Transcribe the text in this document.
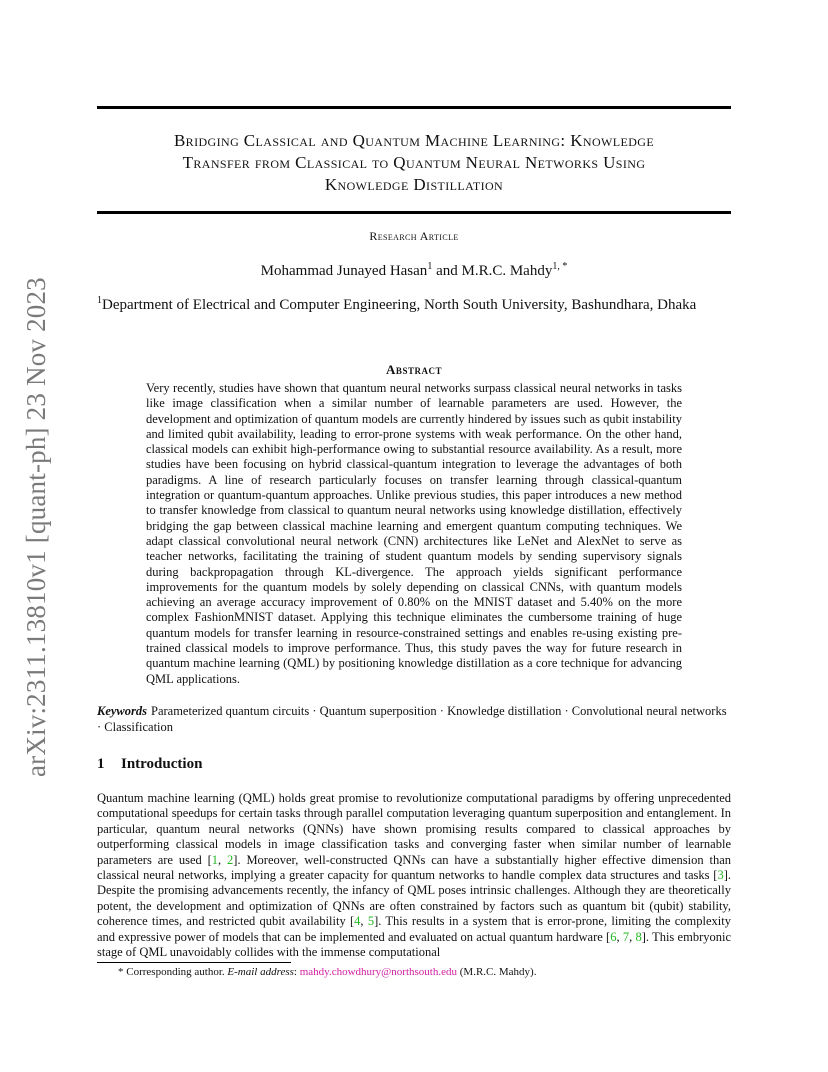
arXiv:2311.13810v1 [quant-ph] 23 Nov 2023
Bridging Classical and Quantum Machine Learning: Knowledge
Transfer from Classical to Quantum Neural Networks Using
Knowledge Distillation
Research Article
Mohammad Junayed Hasan$^1$ and M.R.C. Mahdy$^{1, *}$
$^1$Department of Electrical and Computer Engineering, North South University, Bashundhara, Dhaka
Abstract
Very recently, studies have shown that quantum neural networks surpass classical neural networks in tasks like image classification when a similar number of learnable parameters are used. However, the development and optimization of quantum models are currently hindered by issues such as qubit instability and limited qubit availability, leading to error-prone systems with weak performance. On the other hand, classical models can exhibit high-performance owing to substantial resource availability. As a result, more studies have been focusing on hybrid classical-quantum integration to leverage the advantages of both paradigms. A line of research particularly focuses on transfer learning through classical-quantum integration or quantum-quantum approaches. Unlike previous studies, this paper introduces a new method to transfer knowledge from classical to quantum neural networks using knowledge distillation, effectively bridging the gap between classical machine learning and emergent quantum computing techniques. We adapt classical convolutional neural network (CNN) architectures like LeNet and AlexNet to serve as teacher networks, facilitating the training of student quantum models by sending supervisory signals during backpropagation through KL-divergence. The approach yields significant performance improvements for the quantum models by solely depending on classical CNNs, with quantum models achieving an average accuracy improvement of 0.80% on the MNIST dataset and 5.40% on the more complex FashionMNIST dataset. Applying this technique eliminates the cumbersome training of huge quantum models for transfer learning in resource-constrained settings and enables re-using existing pre-trained classical models to improve performance. Thus, this study paves the way for future research in quantum machine learning (QML) by positioning knowledge distillation as a core technique for advancing QML applications.
Keywords Parameterized quantum circuits · Quantum superposition · Knowledge distillation · Convolutional neural networks · Classification
1 Introduction
Quantum machine learning (QML) holds great promise to revolutionize computational paradigms by offering unprecedented computational speedups for certain tasks through parallel computation leveraging quantum superposition and entanglement. In particular, quantum neural networks (QNNs) have shown promising results compared to classical approaches by outperforming classical models in image classification tasks and converging faster when similar number of learnable parameters are used [1, 2]. Moreover, well-constructed QNNs can have a substantially higher effective dimension than classical neural networks, implying a greater capacity for quantum networks to handle complex data structures and tasks [3]. Despite the promising advancements recently, the infancy of QML poses intrinsic challenges. Although they are theoretically potent, the development and optimization of QNNs are often constrained by factors such as quantum bit (qubit) stability, coherence times, and restricted qubit availability [4, 5]. This results in a system that is error-prone, limiting the complexity and expressive power of models that can be implemented and evaluated on actual quantum hardware [6, 7, 8]. This embryonic stage of QML unavoidably collides with the immense computational
* Corresponding author. E-mail address: mahdy.chowdhury@northsouth.edu (M.R.C. Mahdy).
